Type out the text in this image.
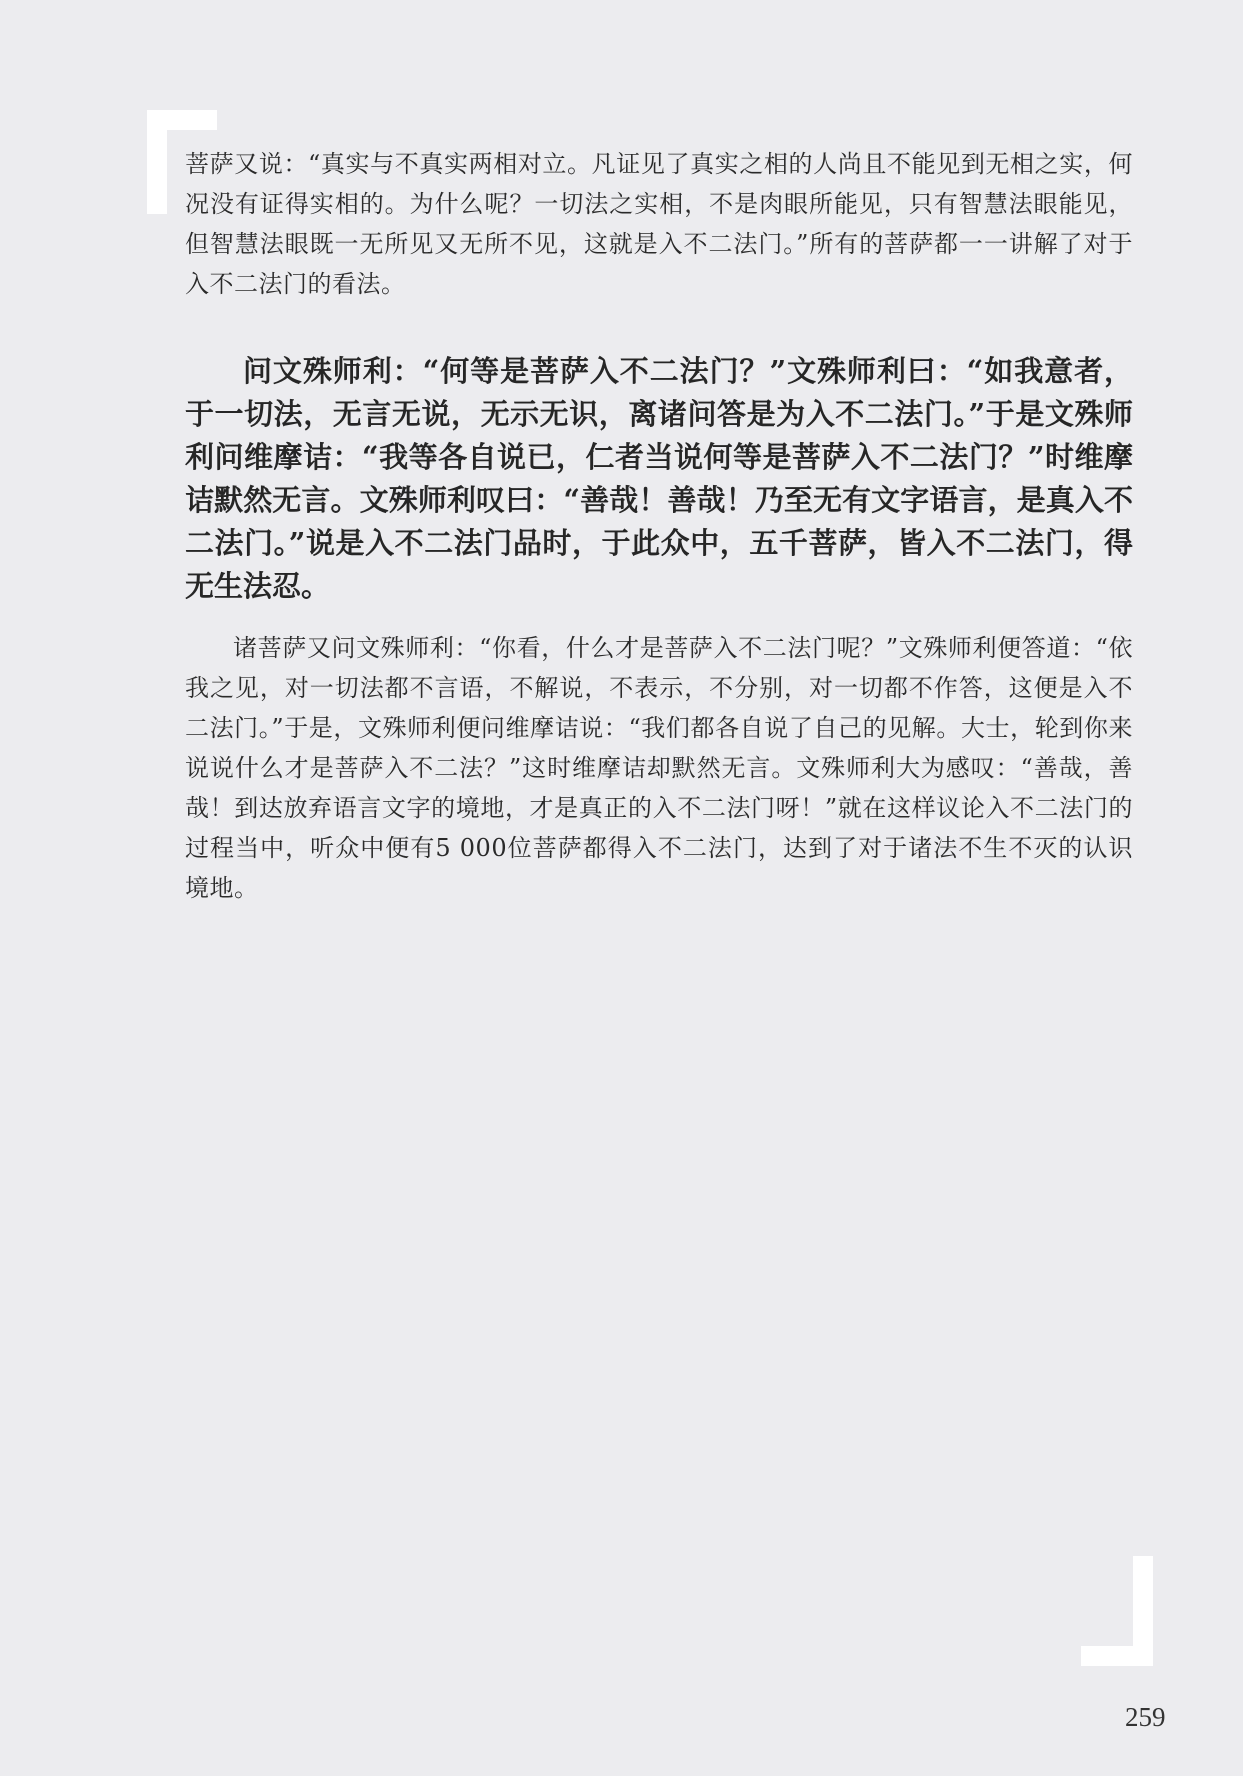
菩萨又说：“真实与不真实两相对立。凡证见了真实之相的人尚且不能见到无相之实，何况没有证得实相的。为什么呢？一切法之实相，不是肉眼所能见，只有智慧法眼能见，但智慧法眼既一无所见又无所不见，这就是入不二法门。”所有的菩萨都一一讲解了对于入不二法门的看法。

问文殊师利：“何等是菩萨入不二法门？”文殊师利曰：“如我意者，于一切法，无言无说，无示无识，离诸问答是为入不二法门。”于是文殊师利问维摩诘：“我等各自说已，仁者当说何等是菩萨入不二法门？”时维摩诘默然无言。文殊师利叹曰：“善哉！善哉！乃至无有文字语言，是真入不二法门。”说是入不二法门品时，于此众中，五千菩萨，皆入不二法门，得无生法忍。

诸菩萨又问文殊师利：“你看，什么才是菩萨入不二法门呢？”文殊师利便答道：“依我之见，对一切法都不言语，不解说，不表示，不分别，对一切都不作答，这便是入不二法门。”于是，文殊师利便问维摩诘说：“我们都各自说了自己的见解。大士，轮到你来说说什么才是菩萨入不二法？”这时维摩诘却默然无言。文殊师利大为感叹：“善哉，善哉！到达放弃语言文字的境地，才是真正的入不二法门呀！”就在这样议论入不二法门的过程当中，听众中便有5 000位菩萨都得入不二法门，达到了对于诸法不生不灭的认识境地。

259
